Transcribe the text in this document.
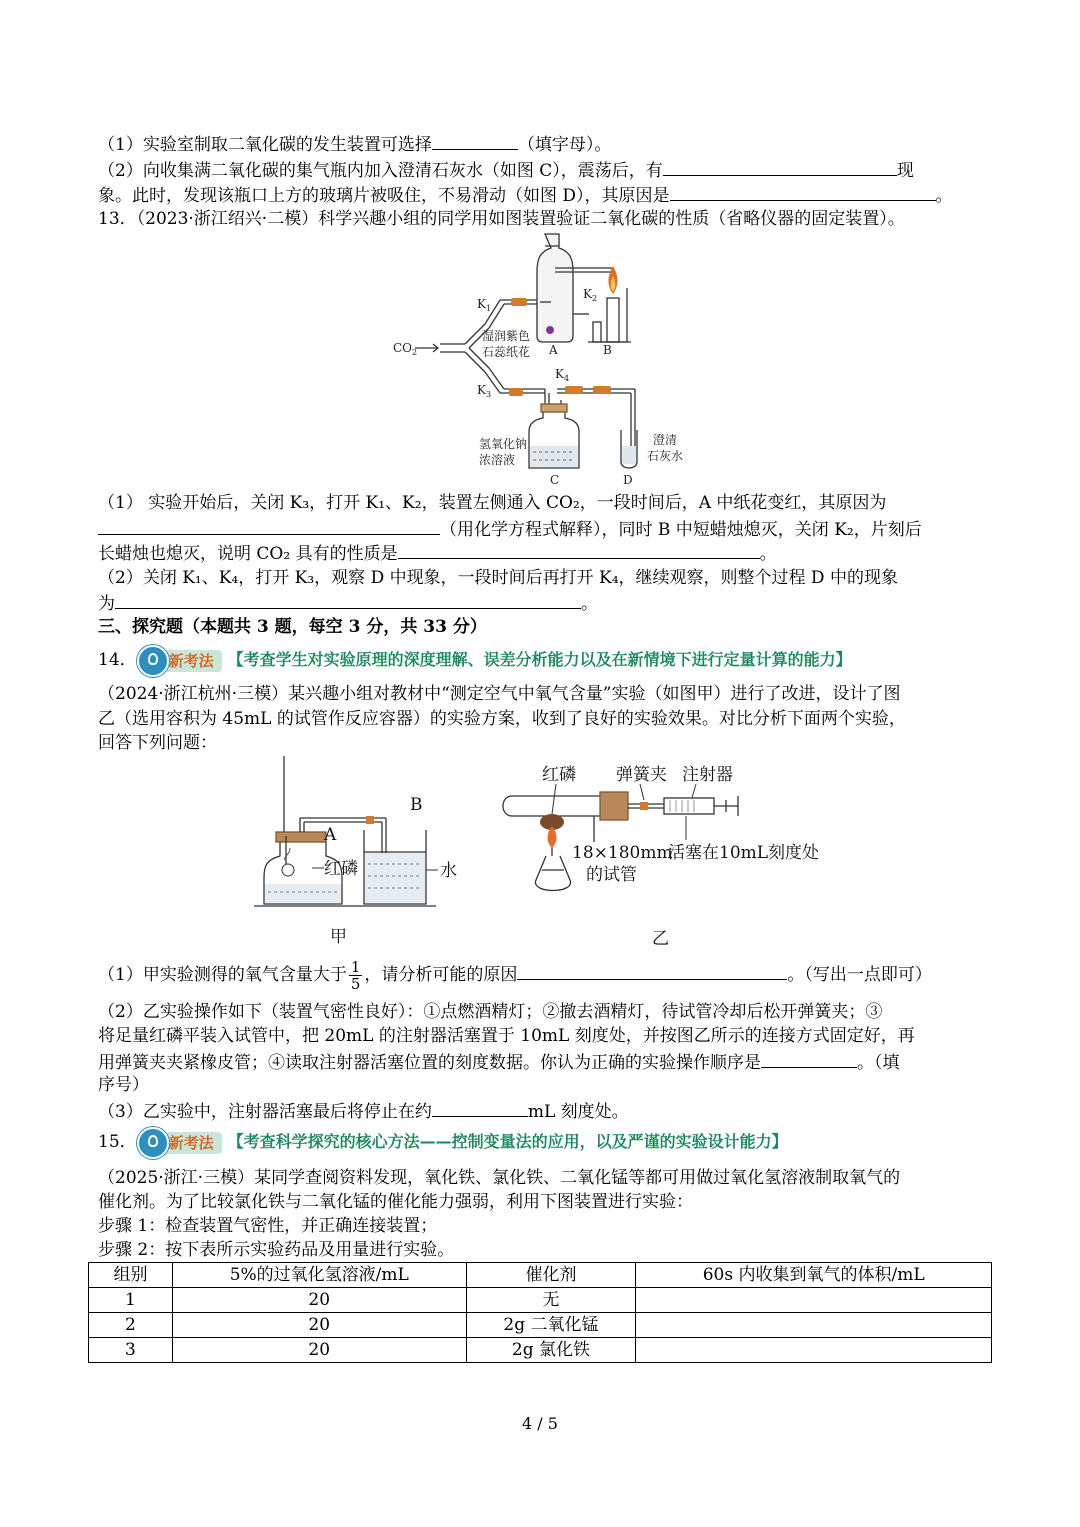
（1）实验室制取二氧化碳的发生装置可选择	（填字母）。
（2）向收集满二氧化碳的集气瓶内加入澄清石灰水（如图 C），震荡后，有	现
象。此时，发现该瓶口上方的玻璃片被吸住，不易滑动（如图 D），其原因是	。
13．（2023·浙江绍兴·二模）科学兴趣小组的同学用如图装置验证二氧化碳的性质（省略仪器的固定装置）。
$CO_2$
$K_1$
$K_2$
$K_3$
$K_4$
湿润紫色
石蕊纸花 A	B
C	D
氢氧化钠
浓溶液
澄清
石灰水
（1） 实验开始后，关闭 K₃，打开 K₁、K₂，装置左侧通入 CO₂，一段时间后，A 中纸花变红，其原因为
（用化学方程式解释），同时 B 中短蜡烛熄灭，关闭 K₂，片刻后
长蜡烛也熄灭，说明 CO₂ 具有的性质是	。
（2）关闭 K₁、K₄，打开 K₃，观察 D 中现象，一段时间后再打开 K₄，继续观察，则整个过程 D 中的现象
为	。
三、探究题（本题共 3 题，每空 3 分，共 33 分）
14． 新考法 【考查学生对实验原理的深度理解、误差分析能力以及在新情境下进行定量计算的能力】
（2024·浙江杭州·三模）某兴趣小组对教材中“测定空气中氧气含量”实验（如图甲）进行了改进，设计了图
乙（选用容积为 45mL 的试管作反应容器）的实验方案，收到了良好的实验效果。对比分析下面两个实验，
回答下列问题：
A
B
红磷	水
甲
红磷 弹簧夹 注射器
18×180mm
的试管
活塞在10mL刻度处
乙
（1）甲实验测得的氧气含量大于 $\frac{1}{5}$ ，请分析可能的原因	。（写出一点即可）
（2）乙实验操作如下（装置气密性良好）：①点燃酒精灯；②撤去酒精灯，待试管冷却后松开弹簧夹；③
将足量红磷平装入试管中，把 20mL 的注射器活塞置于 10mL 刻度处，并按图乙所示的连接方式固定好，再
用弹簧夹夹紧橡皮管；④读取注射器活塞位置的刻度数据。你认为正确的实验操作顺序是	。（填
序号）
（3）乙实验中，注射器活塞最后将停止在约	mL 刻度处。
15． 新考法 【考查科学探究的核心方法——控制变量法的应用，以及严谨的实验设计能力】
（2025·浙江·三模）某同学查阅资料发现，氧化铁、氯化铁、二氧化锰等都可用做过氧化氢溶液制取氧气的
催化剂。为了比较氯化铁与二氧化锰的催化能力强弱，利用下图装置进行实验：
步骤 1：检查装置气密性，并正确连接装置；
步骤 2：按下表所示实验药品及用量进行实验。
组别	5%的过氧化氢溶液/mL	催化剂	60s 内收集到氧气的体积/mL
1	20	无	
2	20	2g 二氧化锰	
3	20	2g 氯化铁	
4 / 5
